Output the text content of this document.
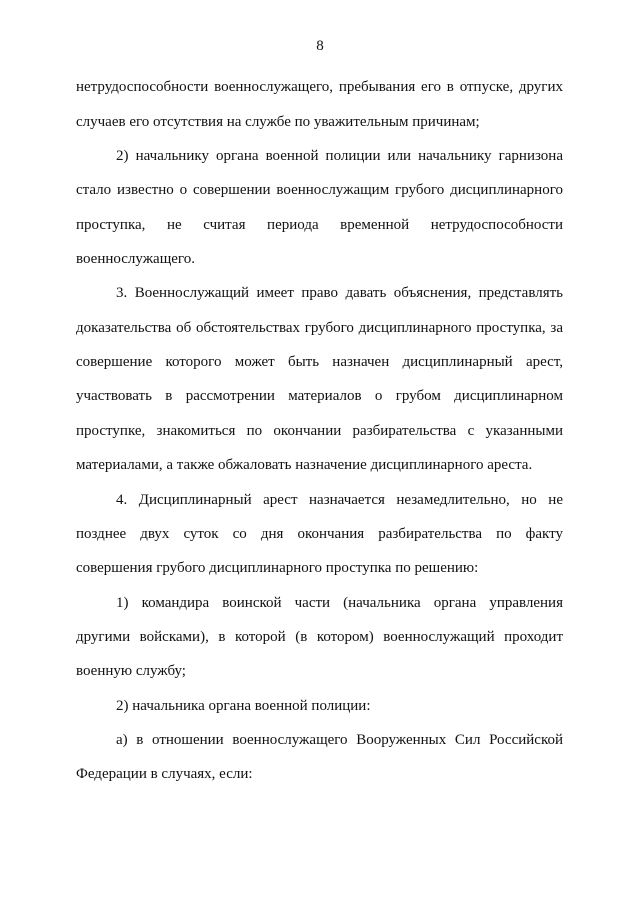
8
нетрудоспособности военнослужащего, пребывания его в отпуске, других
случаев его отсутствия на службе по уважительным причинам;
2) начальнику органа военной полиции или начальнику гарнизона
стало известно о совершении военнослужащим грубого дисциплинарного
проступка, не считая периода временной нетрудоспособности
военнослужащего.
3. Военнослужащий имеет право давать объяснения, представлять
доказательства об обстоятельствах грубого дисциплинарного проступка, за
совершение которого может быть назначен дисциплинарный арест,
участвовать в рассмотрении материалов о грубом дисциплинарном
проступке, знакомиться по окончании разбирательства с указанными
материалами, а также обжаловать назначение дисциплинарного ареста.
4. Дисциплинарный арест назначается незамедлительно, но не
позднее двух суток со дня окончания разбирательства по факту
совершения грубого дисциплинарного проступка по решению:
1) командира воинской части (начальника органа управления
другими войсками), в которой (в котором) военнослужащий проходит
военную службу;
2) начальника органа военной полиции:
а) в отношении военнослужащего Вооруженных Сил Российской
Федерации в случаях, если:
